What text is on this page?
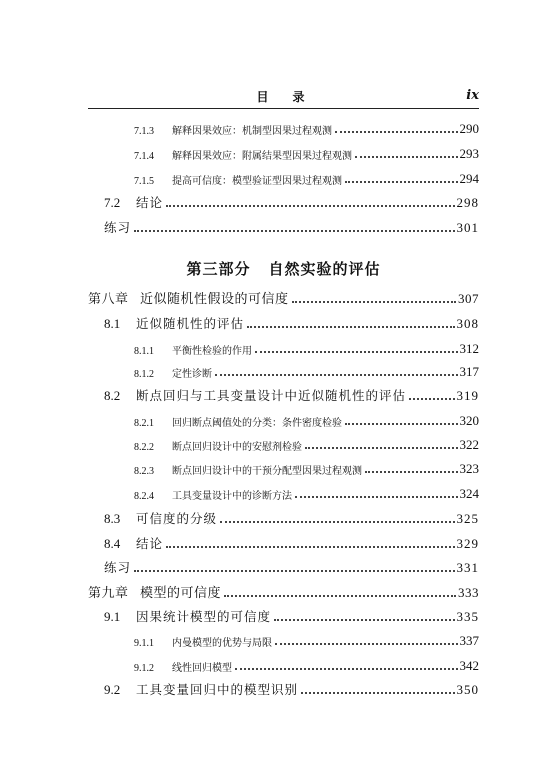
目　录	ix
7.1.3	解释因果效应：机制型因果过程观测	290
7.1.4	解释因果效应：附属结果型因果过程观测	293
7.1.5	提高可信度：模型验证型因果过程观测	294
7.2	结论	298
练习	301
第三部分 自然实验的评估
第八章 近似随机性假设的可信度	307
8.1	近似随机性的评估	308
8.1.1	平衡性检验的作用	312
8.1.2	定性诊断	317
8.2	断点回归与工具变量设计中近似随机性的评估	319
8.2.1	回归断点阈值处的分类：条件密度检验	320
8.2.2	断点回归设计中的安慰剂检验	322
8.2.3	断点回归设计中的干预分配型因果过程观测	323
8.2.4	工具变量设计中的诊断方法	324
8.3	可信度的分级	325
8.4	结论	329
练习	331
第九章 模型的可信度	333
9.1	因果统计模型的可信度	335
9.1.1	内曼模型的优势与局限	337
9.1.2	线性回归模型	342
9.2	工具变量回归中的模型识别	350
